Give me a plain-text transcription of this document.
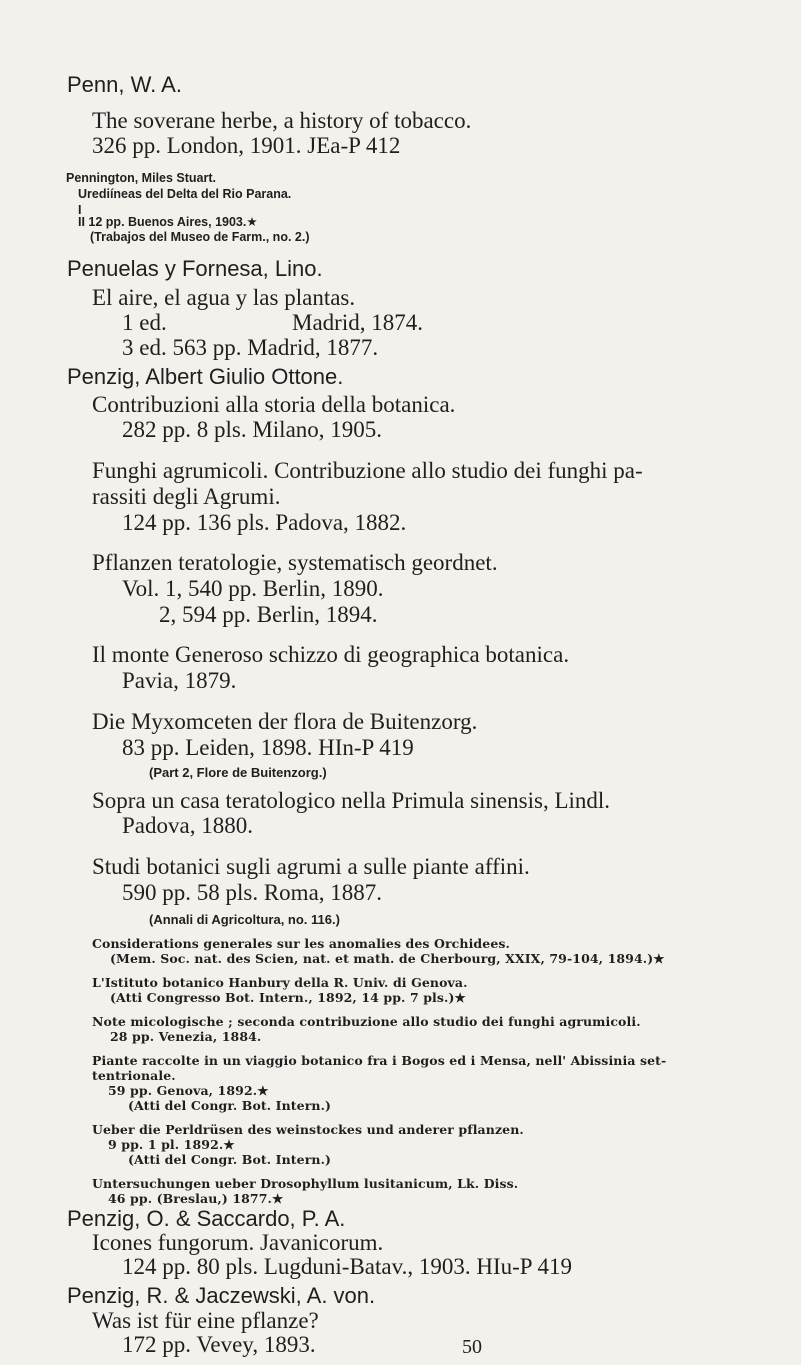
Penn, W. A.
The soverane herbe, a history of tobacco.
326 pp. London, 1901. JEa-P 412
Pennington, Miles Stuart.
Urediíneas del Delta del Rio Parana.
I
II 12 pp. Buenos Aires, 1903.★
(Trabajos del Museo de Farm., no. 2.)
Penuelas y Fornesa, Lino.
El aire, el agua y las plantas.
1 ed.	Madrid, 1874.
3 ed. 563 pp. Madrid, 1877.
Penzig, Albert Giulio Ottone.
Contribuzioni alla storia della botanica.
282 pp. 8 pls. Milano, 1905.
Funghi agrumicoli. Contribuzione allo studio dei funghi pa-
rassiti degli Agrumi.
124 pp. 136 pls. Padova, 1882.
Pflanzen teratologie, systematisch geordnet.
Vol. 1, 540 pp. Berlin, 1890.
2, 594 pp. Berlin, 1894.
Il monte Generoso schizzo di geographica botanica.
Pavia, 1879.
Die Myxomceten der flora de Buitenzorg.
83 pp. Leiden, 1898. HIn-P 419
(Part 2, Flore de Buitenzorg.)
Sopra un casa teratologico nella Primula sinensis, Lindl.
Padova, 1880.
Studi botanici sugli agrumi a sulle piante affini.
590 pp. 58 pls. Roma, 1887.
(Annali di Agricoltura, no. 116.)
Considerations generales sur les anomalies des Orchidees.
(Mem. Soc. nat. des Scien, nat. et math. de Cherbourg, XXIX, 79-104, 1894.)★
L'Istituto botanico Hanbury della R. Univ. di Genova.
(Atti Congresso Bot. Intern., 1892, 14 pp. 7 pls.)★
Note micologische ; seconda contribuzione allo studio dei funghi agrumicoli.
28 pp. Venezia, 1884.
Piante raccolte in un viaggio botanico fra i Bogos ed i Mensa, nell' Abissinia set-
tentrionale.
59 pp. Genova, 1892.★
(Atti del Congr. Bot. Intern.)
Ueber die Perldrüsen des weinstockes und anderer pflanzen.
9 pp. 1 pl. 1892.★
(Atti del Congr. Bot. Intern.)
Untersuchungen ueber Drosophyllum lusitanicum, Lk. Diss.
46 pp. (Breslau,) 1877.★
Penzig, O. & Saccardo, P. A.
Icones fungorum. Javanicorum.
124 pp. 80 pls. Lugduni-Batav., 1903. HIu-P 419
Penzig, R. & Jaczewski, A. von.
Was ist für eine pflanze?
172 pp. Vevey, 1893.	50
